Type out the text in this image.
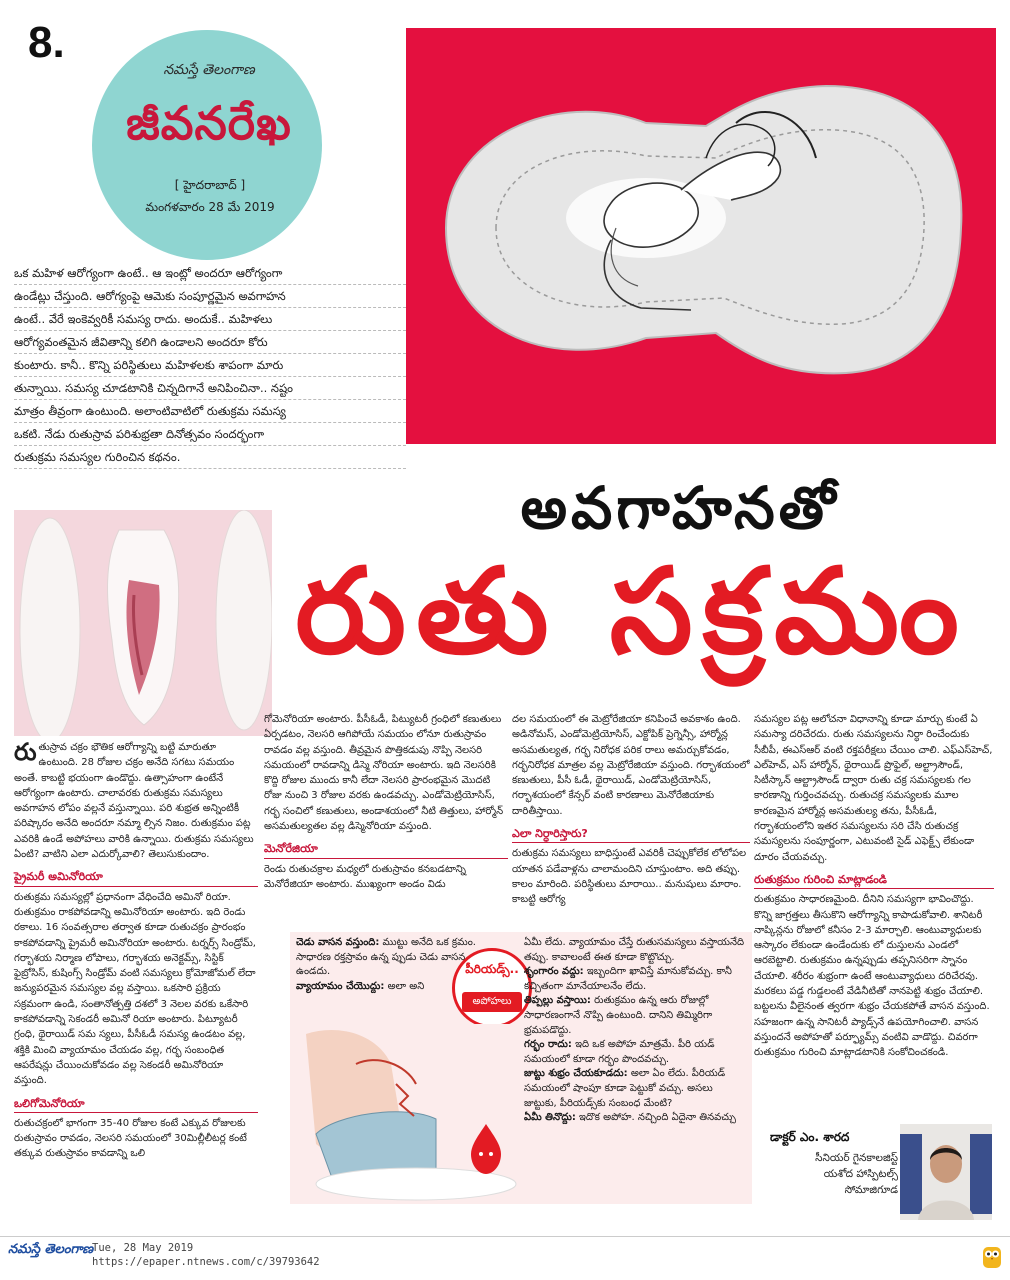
8.
నమస్తే తెలంగాణ
జీవనరేఖ
[ హైదరాబాద్ ]
మంగళవారం 28 మే 2019

ఒక మహిళ ఆరోగ్యంగా ఉంటే.. ఆ ఇంట్లో అందరూ ఆరోగ్యంగా

ఉండేట్లు చేస్తుంది. ఆరోగ్యంపై ఆమెకు సంపూర్ణమైన అవగాహన

ఉంటే.. వేరే ఇంకెవ్వరికీ సమస్య రాదు. అందుకే.. మహిళలు

ఆరోగ్యవంతమైన జీవితాన్ని కలిగి ఉండాలని అందరూ కోరు

కుంటారు. కానీ.. కొన్ని పరిస్థితులు మహిళలకు శాపంగా మారు

తున్నాయి. సమస్య చూడటానికి చిన్నదిగానే అనిపించినా.. నష్టం

మాత్రం తీవ్రంగా ఉంటుంది. అలాంటివాటిలో రుతుక్రమ సమస్య

ఒకటి. నేడు రుతుస్రావ పరిశుభ్రతా దినోత్సవం సందర్భంగా

రుతుక్రమ సమస్యల గురించిన కథనం.

అవగాహనతో
రుతు సక్రమం
రు తుస్రావ చక్రం భౌతిక ఆరోగ్యాన్ని బట్టి మారుతూ ఉంటుంది. 28 రోజుల చక్రం అనేది సగటు సమయం అంతే. కాబట్టి భయంగా ఉండొద్దు. ఉత్సాహంగా ఉంటేనే ఆరోగ్యంగా ఉంటారు. చాలావరకు రుతుక్రమ సమస్యలు అవగాహన లోపం వల్లనే వస్తున్నాయి. పరి శుభ్రత అన్నింటికీ పరిష్కారం అనేది అందరూ నమ్మా ల్సిన నిజం. రుతుక్రమం పట్ల ఎవరికి ఉండే అపోహలు వారికి ఉన్నాయి. రుతుక్రమ సమస్యలు ఏంటి? వాటిని ఎలా ఎదుర్కోవాలి? తెలుసుకుందాం.
ప్రైమరీ అమినోరియా
రుతుక్రమ సమస్యల్లో ప్రధానంగా వేధించేది అమినో రియా. రుతుక్రమం రాకపోవడాన్ని అమినోరియా అంటారు. ఇది రెండు రకాలు. 16 సంవత్సరాల తర్వాత కూడా రుతుచక్రం ప్రారంభం కాకపోవడాన్ని ప్రైమరీ అమినోరియా అంటారు. టర్నర్స్ సిండ్రోమ్, గర్భాశయ నిర్మాణ లోపాలు, గర్భాశయ అనెక్టమ్స్, సిస్టిక్ ఫైబ్రోసిస్, కుషింగ్స్ సిండ్రోమ్ వంటి సమస్యలు క్రోమోజోమల్ లేదా జన్యుపరమైన సమస్యల వల్ల వస్తాయి. ఒకసారి ప్రక్రియ సక్రమంగా ఉండి, సంతానోత్పత్తి దశలో 3 నెలల వరకు ఒకేసారి కాకపోవడాన్ని సెకండరీ అమినో రియా అంటారు. పిట్యూటరీ గ్రంధి, థైరాయిడ్ సమ స్యలు, పీసీఓడీ సమస్య ఉండటం వల్ల, శక్తికి మించి వ్యాయామం చేయడం వల్ల, గర్భ సంబంధిత ఆపరేషన్లు చేయించుకోవడం వల్ల సెకండరీ అమినోరియా వస్తుంది.
ఒలిగోమెనోరియా
రుతుచక్రంలో భాగంగా 35-40 రోజుల కంటే ఎక్కువ రోజులకు రుతుస్రావం రావడం, నెలసరి సమయంలో 30మిల్లీలీటర్ల కంటే తక్కువ రుతుస్రావం కావడాన్ని ఒలి
గోమెనోరియా అంటారు. పీసీఓడీ, పిట్యుటరీ గ్రంధిలో కణుతులు ఏర్పడటం, నెలసరి ఆగిపోయే సమయం లోనూ రుతుస్రావం రావడం వల్ల వస్తుంది. తీవ్రమైన పొత్తికడుపు నొప్పి నెలసరి సమయంలో రావడాన్ని డిస్మె నోరియా అంటారు. ఇది నెలసరికి కొద్ది రోజుల ముందు కానీ లేదా నెలసరి ప్రారంభమైన మొదటి రోజు నుంచి 3 రోజుల వరకు ఉండవచ్చు. ఎండోమెట్రియోసిస్, గర్భ సంచిలో కణుతులు, అండాశయంలో నీటి తిత్తులు, హార్మోన్ అసమతుల్యతల వల్ల డిస్మెనోరియా వస్తుంది.
మెనోరేజియా
రెండు రుతుచక్రాల మధ్యలో రుతుస్రావం కనబడటాన్ని మెనోరేజియా అంటారు. ముఖ్యంగా అండం విడు
దల సమయంలో ఈ మెట్రోరేజియా కనిపించే అవకాశం ఉంది. అడినోమస్, ఎండోమెట్రియోసిస్, ఎక్టోపిక్ ప్రెగ్నెన్సీ, హార్మోన్ల అసమతుల్యత, గర్భ నిరోధక పరిక రాలు అమర్చుకోవడం, గర్భనిరోధక మాత్రల వల్ల మెట్రోరేజియా వస్తుంది. గర్భాశయంలో కణుతులు, పీసీ ఓడీ, థైరాయిడ్, ఎండోమెట్రియోసిస్, గర్భాశయంలో కేన్సర్ వంటి కారణాలు మెనోరేజియాకు దారితీస్తాయి.
ఎలా నిర్ధారిస్తారు?
రుతుక్రమ సమస్యలు బాధిస్తుంటే ఎవరికీ చెప్పుకోలేక లోలోపల యాతన పడేవాళ్లను చాలామందిని చూస్తుంటాం. అది తప్పు. కాలం మారింది. పరిస్థితులు మారాయి.. మనుషులు మారాం. కాబట్టి ఆరోగ్య
సమస్యల పట్ల ఆలోచనా విధానాన్ని కూడా మార్చు కుంటే ఏ సమస్యా దరిచేరదు. రుతు సమస్యలను నిర్ధా రించేందుకు సీబీపీ, ఈఎస్ఆర్ వంటి రక్తపరీక్షలు చేయిం చాలి. ఎఫ్ఎస్‌హెచ్, ఎల్‌హెచ్, ఎస్ హార్మోన్, థైరాయిడ్ ప్రొఫైల్, అల్ట్రాసౌండ్, సిటీస్కాన్ ఆల్ట్రాసౌండ్ ద్వారా రుతు చక్ర సమస్యలకు గల కారణాన్ని గుర్తించవచ్చు. రుతుచక్ర సమస్యలకు మూల కారణమైన హార్మోన్ల అసమతుల్య తను, పీసీఓడీ, గర్భాశయంలోని ఇతర సమస్యలను సరి చేసి రుతుచక్ర సమస్యలను సంపూర్ణంగా, ఎటువంటి సైడ్ ఎఫెక్ట్స్ లేకుండా దూరం చేయవచ్చు.
రుతుక్రమం గురించి మాట్లాడండి
రుతుక్రమం సాధారణమైంది. దీనిని సమస్యగా భావించొద్దు. కొన్ని జాగ్రత్తలు తీసుకొని ఆరోగ్యాన్ని కాపాడుకోవాలి. శానిటరీ నాప్కిన్లను రోజులో కనీసం 2-3 మార్చాలి. ఆంటువ్యాధులకు ఆస్కారం లేకుండా ఉండేందుకు లో దుస్తులను ఎండలో ఆరబెట్టాలి. రుతుక్రమం ఉన్నప్పుడు తప్పనిసరిగా స్నానం చేయాలి. శరీరం శుభ్రంగా ఉంటే ఆంటువ్యాధులు దరిచేరవు. మరకలు పడ్డ గుడ్డలంటే వేడినీటితో నానపెట్టి శుభ్రం చేయాలి. బట్టలను వీలైనంత త్వరగా శుభ్రం చేయకపోతే వాసన వస్తుంది. సహజంగా ఉన్న సానిటరీ ప్యాడ్స్‌నే ఉపయోగించాలి. వాసన వస్తుందనే అపోహతో పర్ఫ్యూమ్స్ వంటివి వాడొద్దు. చివరగా రుతుక్రమం గురించి మాట్లాడటానికి సంకోచించకండి.
చెడు వాసన వస్తుంది: ముట్టు అనేది ఒక క్రమం. సాధారణ రక్తస్రావం ఉన్న ప్పుడు చెడు వాసన ఉండదు.
వ్యాయామం చేయొద్దు: అలా అని
పీరియడ్స్..
అపోహలు
ఏమీ లేదు. వ్యాయామం చేస్తే రుతుసమస్యలు వస్తాయనేది తప్పు. కావాలంటే ఈత కూడా కొట్టొచ్చు.
శృంగారం వద్దు: ఇబ్బందిగా ఖావిస్తే మానుకోవచ్చు. కానీ కచ్చితంగా మానేయాలనేం లేదు.
తిప్పల్లు వస్తాయి: రుతుక్రమం ఉన్న ఆరు రోజుల్లో సాధారణంగానే నొప్పి ఉంటుంది. దానిని తిమ్మిరిగా భ్రమపడొద్దు.
గర్భం రాదు: ఇది ఒక అపోహ మాత్రమే. పీరి యడ్ సమయంలో కూడా గర్భం పొందవచ్చు.
జుట్టు శుభ్రం చేయకూడదు: అలా ఏం లేదు. పీరియడ్ సమయంలో షాంపూ కూడా పెట్టుకో వచ్చు. అసలు జుట్టుకు, పీరియడ్స్‌కు సంబంధ మేంటి?
ఏమీ తినొద్దు: ఇదొక అపోహ. నచ్చింది ఏదైనా తినవచ్చు
డాక్టర్ ఎం. శారద
సీనియర్ గైనకాలజిస్ట్
యశోద హాస్పిటల్స్
సోమాజిగూడ
నమస్తే తెలంగాణ
Tue, 28 May 2019
https://epaper.ntnews.com/c/39793642
